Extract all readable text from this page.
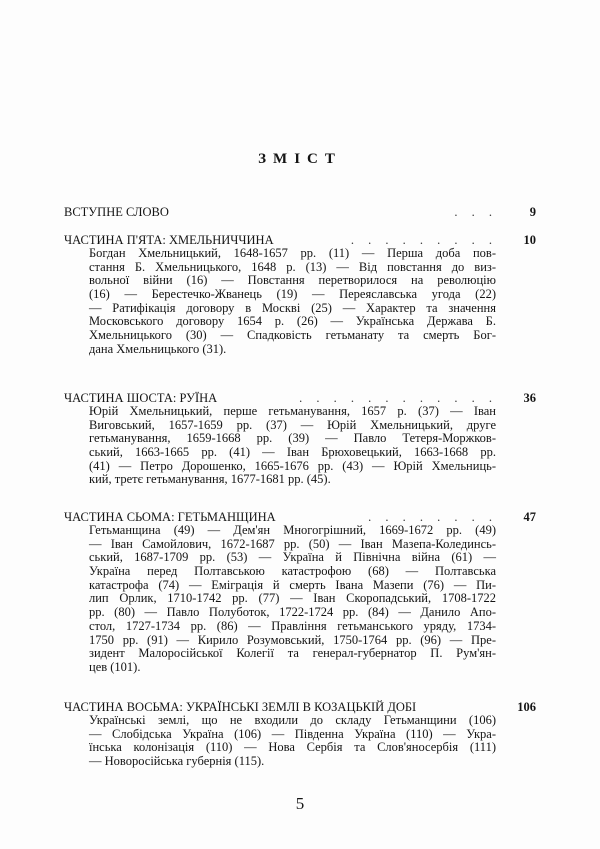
ЗМІСТ
ВСТУПНЕ СЛОВО	. . .	9
ЧАСТИНА П'ЯТА: ХМЕЛЬНИЧЧИНА	. . . . . . . . .	10
Богдан Хмельницький, 1648-1657 рр. (11) — Перша доба пов-
стання Б. Хмельницького, 1648 р. (13) — Від повстання до виз-
вольної війни (16) — Повстання перетворилося на революцію
(16) — Берестечко-Жванець (19) — Переяславська угода (22)
— Ратифікація договору в Москві (25) — Характер та значення
Московського договору 1654 р. (26) — Українська Держава Б.
Хмельницького (30) — Спадковість гетьманату та смерть Бог-
дана Хмельницького (31).
ЧАСТИНА ШОСТА: РУЇНА	. . . . . . . . . . . .	36
Юрій Хмельницький, перше гетьманування, 1657 р. (37) — Іван
Виговський, 1657-1659 рр. (37) — Юрій Хмельницький, друге
гетьманування, 1659-1668 рр. (39) — Павло Тетеря-Моржков-
ський, 1663-1665 рр. (41) — Іван Брюховецький, 1663-1668 рр.
(41) — Петро Дорошенко, 1665-1676 рр. (43) — Юрій Хмельниць-
кий, третє гетьманування, 1677-1681 рр. (45).
ЧАСТИНА СЬОМА: ГЕТЬМАНЩИНА	. . . . . . . .	47
Гетьманщина (49) — Дем'ян Многогрішний, 1669-1672 рр. (49)
— Іван Самойлович, 1672-1687 рр. (50) — Іван Мазепа-Колединсь-
ський, 1687-1709 рр. (53) — Україна й Північна війна (61) —
Україна перед Полтавською катастрофою (68) — Полтавська
катастрофа (74) — Еміграція й смерть Івана Мазепи (76) — Пи-
лип Орлик, 1710-1742 рр. (77) — Іван Скоропадський, 1708-1722
рр. (80) — Павло Полуботок, 1722-1724 рр. (84) — Данило Апо-
стол, 1727-1734 рр. (86) — Правління гетьманського уряду, 1734-
1750 рр. (91) — Кирило Розумовський, 1750-1764 рр. (96) — Пре-
зидент Малоросійської Колегії та генерал-губернатор П. Рум'ян-
цев (101).
ЧАСТИНА ВОСЬМА: УКРАЇНСЬКІ ЗЕМЛІ В КОЗАЦЬКІЙ ДОБІ	106
Українські землі, що не входили до складу Гетьманщини (106)
— Слобідська Україна (106) — Південна Україна (110) — Укра-
їнська колонізація (110) — Нова Сербія та Слов'яносербія (111)
— Новоросійська губернія (115).
5
